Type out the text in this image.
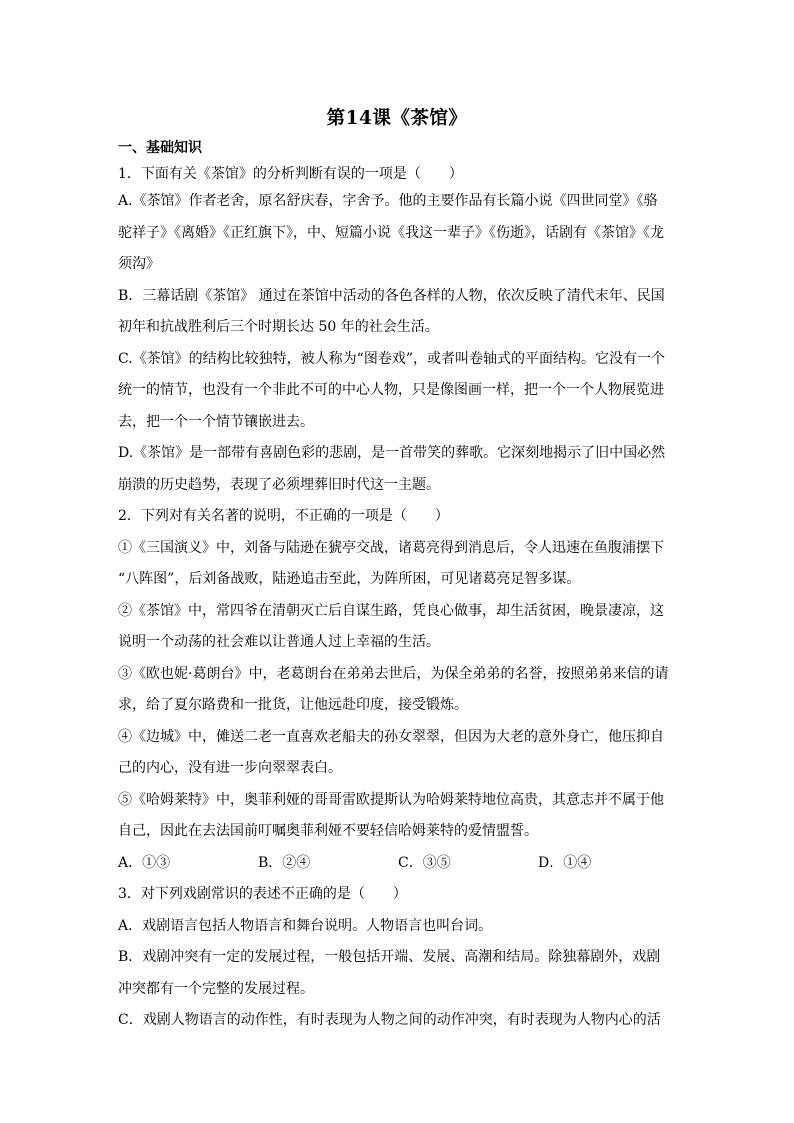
第14课《茶馆》

一、基础知识

1．下面有关《茶馆》的分析判断有误的一项是（　　）

A.《茶馆》作者老舍，原名舒庆春，字舍予。他的主要作品有长篇小说《四世同堂》《骆

驼祥子》《离婚》《正红旗下》，中、短篇小说《我这一辈子》《伤逝》，话剧有《茶馆》《龙

须沟》

B．三幕话剧《茶馆》 通过在茶馆中活动的各色各样的人物，依次反映了清代末年、民国

初年和抗战胜利后三个时期长达 50 年的社会生活。

C.《茶馆》的结构比较独特，被人称为“图卷戏”，或者叫卷轴式的平面结构。它没有一个

统一的情节，也没有一个非此不可的中心人物，只是像图画一样，把一个一个人物展览进

去，把一个一个情节镶嵌进去。

D.《茶馆》是一部带有喜剧色彩的悲剧，是一首带笑的葬歌。它深刻地揭示了旧中国必然

崩溃的历史趋势，表现了必须埋葬旧时代这一主题。

2．下列对有关名著的说明，不正确的一项是（　　）

①《三国演义》中，刘备与陆逊在猇亭交战，诸葛亮得到消息后，令人迅速在鱼腹浦摆下

“八阵图”，后刘备战败，陆逊追击至此，为阵所困，可见诸葛亮足智多谋。

②《茶馆》中，常四爷在清朝灭亡后自谋生路，凭良心做事，却生活贫困，晚景凄凉，这

说明一个动荡的社会难以让普通人过上幸福的生活。

③《欧也妮·葛朗台》中，老葛朗台在弟弟去世后，为保全弟弟的名誉，按照弟弟来信的请

求，给了夏尔路费和一批货，让他远赴印度，接受锻炼。

④《边城》中，傩送二老一直喜欢老船夫的孙女翠翠，但因为大老的意外身亡，他压抑自

己的内心，没有进一步向翠翠表白。

⑤《哈姆莱特》中，奥菲利娅的哥哥雷欧提斯认为哈姆莱特地位高贵，其意志并不属于他

自己，因此在去法国前叮嘱奥菲利娅不要轻信哈姆莱特的爱情盟誓。

A．①③	B．②④	C．③⑤	D．①④

3．对下列戏剧常识的表述不正确的是（　　）

A．戏剧语言包括人物语言和舞台说明。人物语言也叫台词。

B．戏剧冲突有一定的发展过程，一般包括开端、发展、高潮和结局。除独幕剧外，戏剧

冲突都有一个完整的发展过程。

C．戏剧人物语言的动作性，有时表现为人物之间的动作冲突，有时表现为人物内心的活
